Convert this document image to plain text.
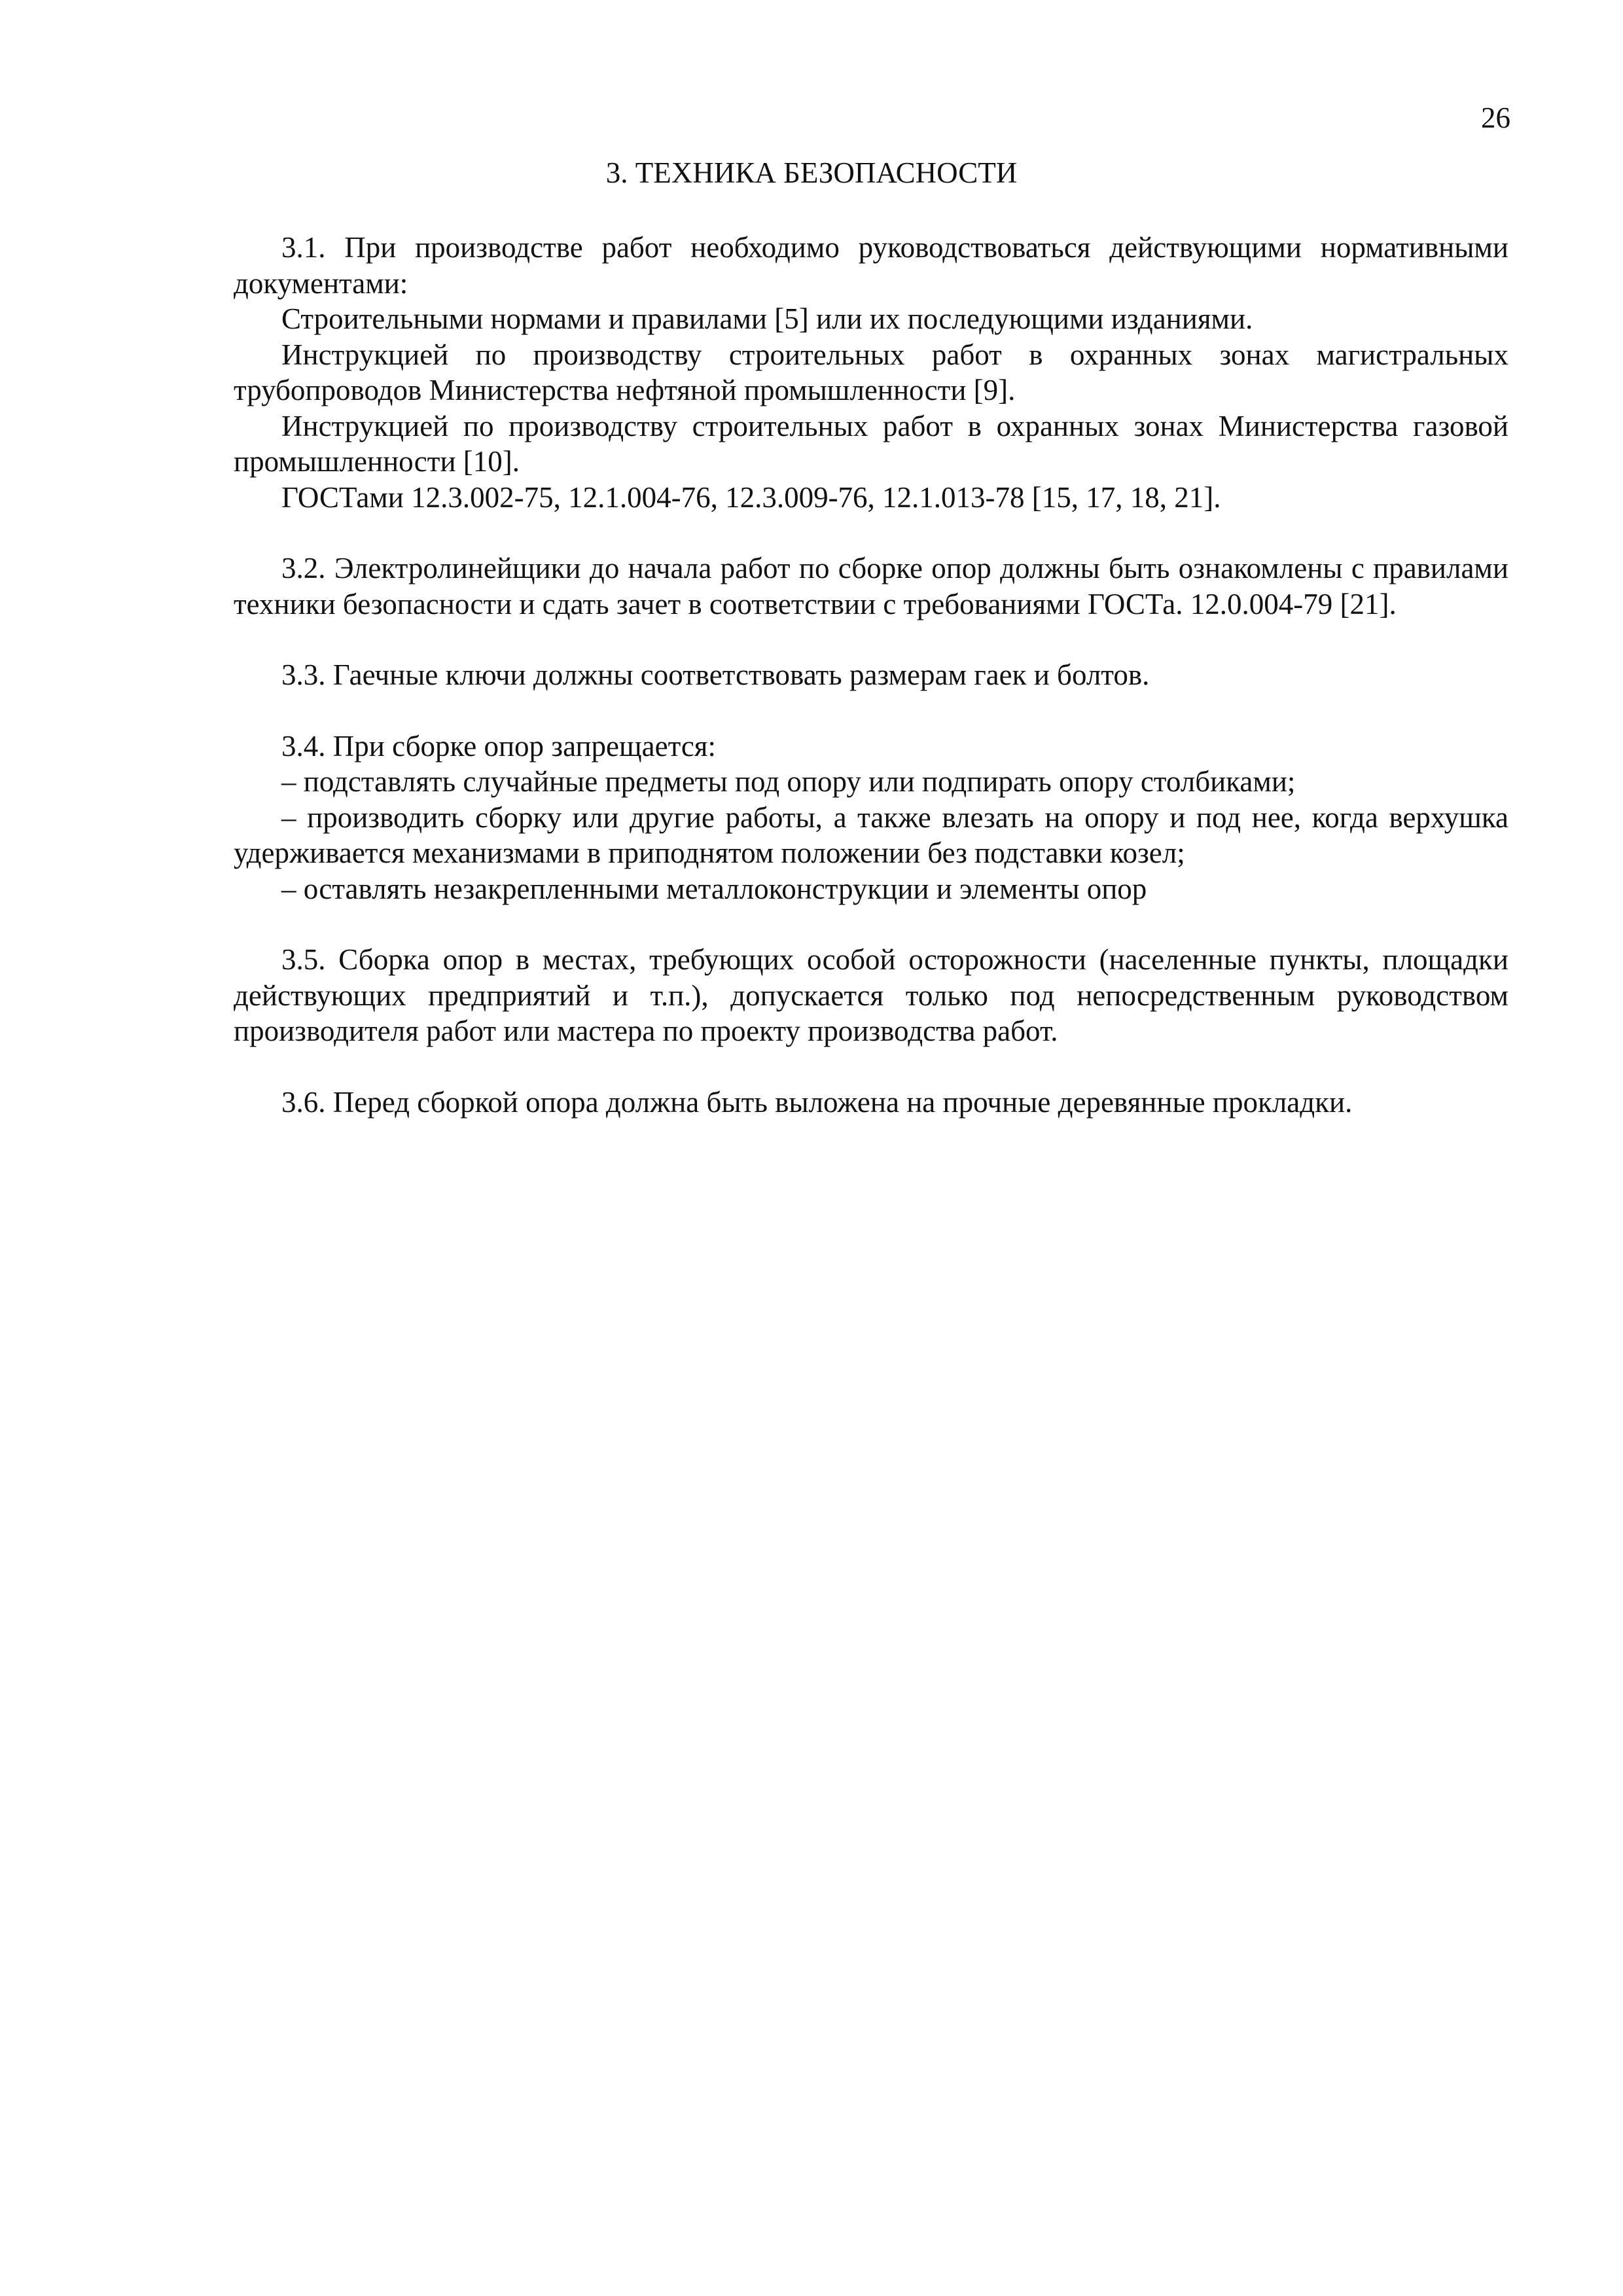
26
3. ТЕХНИКА БЕЗОПАСНОСТИ

3.1. При производстве работ необходимо руководствоваться действующими нормативными документами:

Строительными нормами и правилами [5] или их последующими изданиями.

Инструкцией по производству строительных работ в охранных зонах магистральных трубопроводов Министерства нефтяной промышленности [9].

Инструкцией по производству строительных работ в охранных зонах Министерства газовой промышленности [10].

ГОСТами 12.3.002-75, 12.1.004-76, 12.3.009-76, 12.1.013-78 [15, 17, 18, 21].

3.2. Электролинейщики до начала работ по сборке опор должны быть ознакомлены с правилами техники безопасности и сдать зачет в соответствии с требованиями ГОСТа. 12.0.004-79 [21].

3.3. Гаечные ключи должны соответствовать размерам гаек и болтов.

3.4. При сборке опор запрещается:

– подставлять случайные предметы под опору или подпирать опору столбиками;

– производить сборку или другие работы, а также влезать на опору и под нее, когда верхушка удерживается механизмами в приподнятом положении без подставки козел;

– оставлять незакрепленными металлоконструкции и элементы опор

3.5. Сборка опор в местах, требующих особой осторожности (населенные пункты, площадки действующих предприятий и т.п.), допускается только под непосредственным руководством производителя работ или мастера по проекту производства работ.

3.6. Перед сборкой опора должна быть выложена на прочные деревянные прокладки.
